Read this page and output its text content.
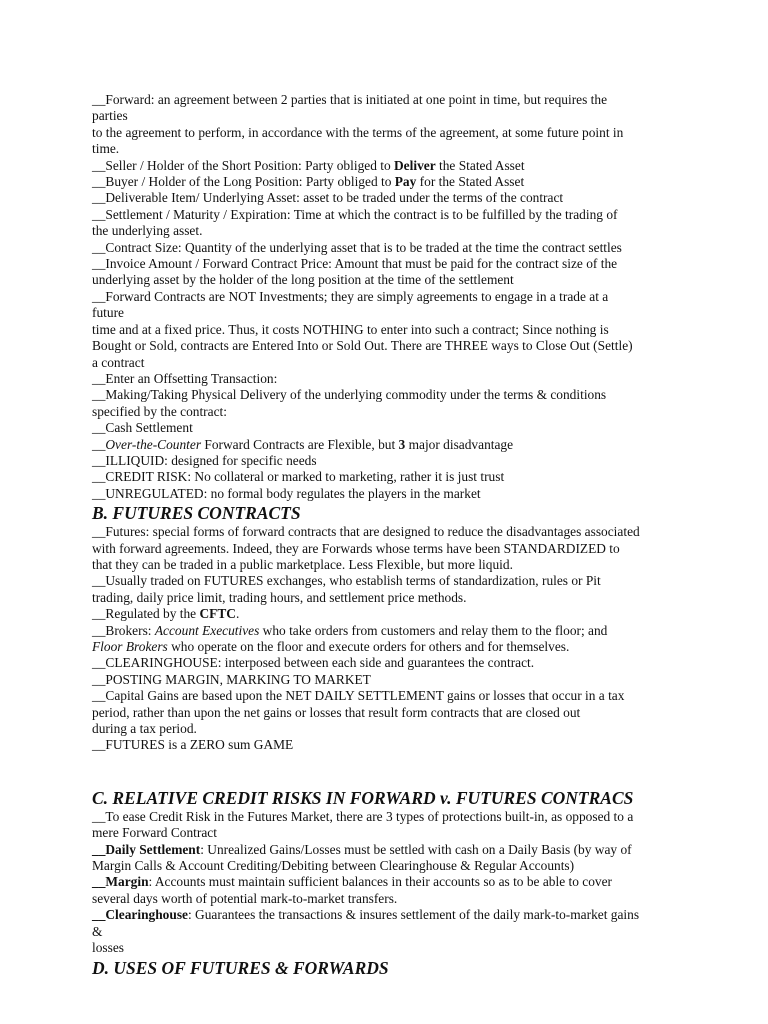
__Forward: an agreement between 2 parties that is initiated at one point in time, but requires the
parties
to the agreement to perform, in accordance with the terms of the agreement, at some future point in
time.
__Seller / Holder of the Short Position: Party obliged to Deliver the Stated Asset
__Buyer / Holder of the Long Position: Party obliged to Pay for the Stated Asset
__Deliverable Item/ Underlying Asset: asset to be traded under the terms of the contract
__Settlement / Maturity / Expiration: Time at which the contract is to be fulfilled by the trading of
the underlying asset.
__Contract Size: Quantity of the underlying asset that is to be traded at the time the contract settles
__Invoice Amount / Forward Contract Price: Amount that must be paid for the contract size of the
underlying asset by the holder of the long position at the time of the settlement
__Forward Contracts are NOT Investments; they are simply agreements to engage in a trade at a
future
time and at a fixed price. Thus, it costs NOTHING to enter into such a contract; Since nothing is
Bought or Sold, contracts are Entered Into or Sold Out. There are THREE ways to Close Out (Settle)
a contract
__Enter an Offsetting Transaction:
__Making/Taking Physical Delivery of the underlying commodity under the terms & conditions
specified by the contract:
__Cash Settlement
__Over-the-Counter Forward Contracts are Flexible, but 3 major disadvantage
__ILLIQUID: designed for specific needs
__CREDIT RISK: No collateral or marked to marketing, rather it is just trust
__UNREGULATED: no formal body regulates the players in the market
B. FUTURES CONTRACTS
__Futures: special forms of forward contracts that are designed to reduce the disadvantages associated
with forward agreements. Indeed, they are Forwards whose terms have been STANDARDIZED to
that they can be traded in a public marketplace. Less Flexible, but more liquid.
__Usually traded on FUTURES exchanges, who establish terms of standardization, rules or Pit
trading, daily price limit, trading hours, and settlement price methods.
__Regulated by the CFTC.
__Brokers: Account Executives who take orders from customers and relay them to the floor; and
Floor Brokers who operate on the floor and execute orders for others and for themselves.
__CLEARINGHOUSE: interposed between each side and guarantees the contract.
__POSTING MARGIN, MARKING TO MARKET
__Capital Gains are based upon the NET DAILY SETTLEMENT gains or losses that occur in a tax
period, rather than upon the net gains or losses that result form contracts that are closed out
during a tax period.
__FUTURES is a ZERO sum GAME
C. RELATIVE CREDIT RISKS IN FORWARD v. FUTURES CONTRACS
__To ease Credit Risk in the Futures Market, there are 3 types of protections built-in, as opposed to a
mere Forward Contract
__Daily Settlement: Unrealized Gains/Losses must be settled with cash on a Daily Basis (by way of
Margin Calls & Account Crediting/Debiting between Clearinghouse & Regular Accounts)
__Margin: Accounts must maintain sufficient balances in their accounts so as to be able to cover
several days worth of potential mark-to-market transfers.
__Clearinghouse: Guarantees the transactions & insures settlement of the daily mark-to-market gains
&
losses
D. USES OF FUTURES & FORWARDS
